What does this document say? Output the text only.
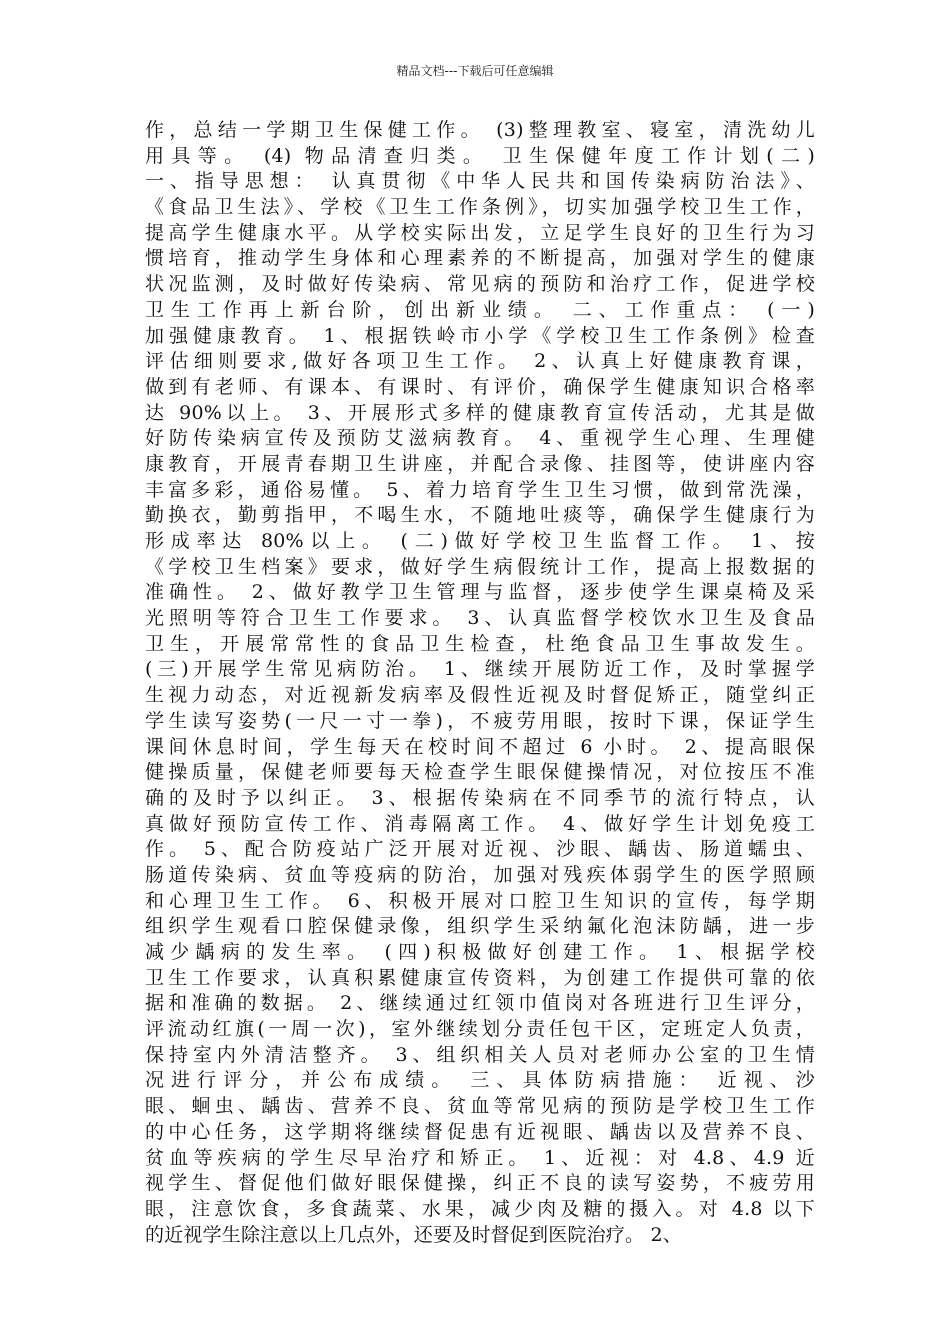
精品文档---下载后可任意编辑
作，总结一学期卫生保健工作。 (3)整理教室、寝室，清洗幼儿
用具等。 (4) 物品清查归类。 卫生保健年度工作计划(二)
一、指导思想： 认真贯彻《中华人民共和国传染病防治法》、
《食品卫生法》、学校《卫生工作条例》，切实加强学校卫生工作，
提高学生健康水平。从学校实际出发，立足学生良好的卫生行为习
惯培育，推动学生身体和心理素养的不断提高，加强对学生的健康
状况监测，及时做好传染病、常见病的预防和治疗工作，促进学校
卫生工作再上新台阶，创出新业绩。 二、工作重点： (一)
加强健康教育。 1、根据铁岭市小学《学校卫生工作条例》检查
评估细则要求,做好各项卫生工作。 2、认真上好健康教育课，
做到有老师、有课本、有课时、有评价，确保学生健康知识合格率
达 90%以上。 3、开展形式多样的健康教育宣传活动，尤其是做
好防传染病宣传及预防艾滋病教育。 4、重视学生心理、生理健
康教育，开展青春期卫生讲座，并配合录像、挂图等，使讲座内容
丰富多彩，通俗易懂。 5、着力培育学生卫生习惯，做到常洗澡，
勤换衣，勤剪指甲，不喝生水，不随地吐痰等，确保学生健康行为
形成率达 80%以上。 (二)做好学校卫生监督工作。 1、按
《学校卫生档案》要求，做好学生病假统计工作，提高上报数据的
准确性。 2、做好教学卫生管理与监督，逐步使学生课桌椅及采
光照明等符合卫生工作要求。 3、认真监督学校饮水卫生及食品
卫生，开展常常性的食品卫生检查，杜绝食品卫生事故发生。
(三)开展学生常见病防治。 1、继续开展防近工作，及时掌握学
生视力动态，对近视新发病率及假性近视及时督促矫正，随堂纠正
学生读写姿势(一尺一寸一拳)，不疲劳用眼，按时下课，保证学生
课间休息时间，学生每天在校时间不超过 6 小时。 2、提高眼保
健操质量，保健老师要每天检查学生眼保健操情况，对位按压不准
确的及时予以纠正。 3、根据传染病在不同季节的流行特点，认
真做好预防宣传工作、消毒隔离工作。 4、做好学生计划免疫工
作。 5、配合防疫站广泛开展对近视、沙眼、龋齿、肠道蠕虫、
肠道传染病、贫血等疫病的防治，加强对残疾体弱学生的医学照顾
和心理卫生工作。 6、积极开展对口腔卫生知识的宣传，每学期
组织学生观看口腔保健录像，组织学生采纳氟化泡沫防龋，进一步
减少龋病的发生率。 (四)积极做好创建工作。 1、根据学校
卫生工作要求，认真积累健康宣传资料，为创建工作提供可靠的依
据和准确的数据。 2、继续通过红领巾值岗对各班进行卫生评分，
评流动红旗(一周一次)，室外继续划分责任包干区，定班定人负责，
保持室内外清洁整齐。 3、组织相关人员对老师办公室的卫生情
况进行评分，并公布成绩。 三、具体防病措施： 近视、沙
眼、蛔虫、龋齿、营养不良、贫血等常见病的预防是学校卫生工作
的中心任务，这学期将继续督促患有近视眼、龋齿以及营养不良、
贫血等疾病的学生尽早治疗和矫正。 1、近视：对 4.8、4.9 近
视学生、督促他们做好眼保健操，纠正不良的读写姿势，不疲劳用
眼，注意饮食，多食蔬菜、水果，减少肉及糖的摄入。对 4.8 以下
的近视学生除注意以上几点外，还要及时督促到医院治疗。 2、
